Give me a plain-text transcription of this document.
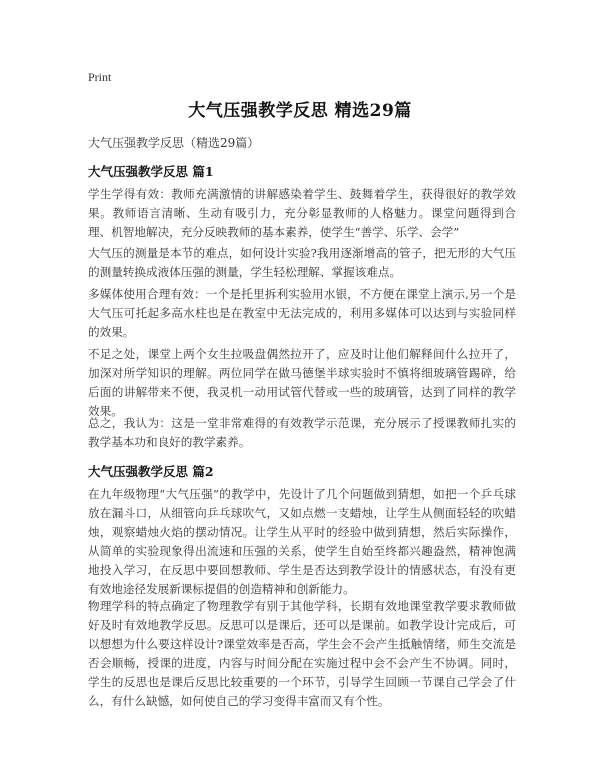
Print
大气压强教学反思 精选29篇
大气压强教学反思（精选29篇）
大气压强教学反思 篇1

学生学得有效：教师充满激情的讲解感染着学生、鼓舞着学生，获得很好的教学效果。教师语言清晰、生动有吸引力，充分彰显教师的人格魅力。课堂问题得到合理、机智地解决，充分反映教师的基本素养，使学生“善学、乐学、会学”

大气压的测量是本节的难点，如何设计实验?我用逐渐增高的管子，把无形的大气压的测量转换成液体压强的测量，学生轻松理解、掌握该难点。

多媒体使用合理有效：一个是托里拆利实验用水银，不方便在课堂上演示,另一个是大气压可托起多高水柱也是在教室中无法完成的，利用多媒体可以达到与实验同样的效果。

不足之处，课堂上两个女生拉吸盘偶然拉开了，应及时让他们解释间什么拉开了，加深对所学知识的理解。两位同学在做马德堡半球实验时不慎将细玻璃管踢碎，给后面的讲解带来不便，我灵机一动用试管代替或一些的玻璃管，达到了同样的教学效果。

总之，我认为：这是一堂非常难得的有效教学示范课，充分展示了授课教师扎实的教学基本功和良好的教学素养。

大气压强教学反思 篇2

在九年级物理“大气压强”的教学中，先设计了几个问题做到猜想，如把一个乒乓球放在漏斗口，从细管向乒乓球吹气，又如点燃一支蜡烛，让学生从侧面轻轻的吹蜡烛，观察蜡烛火焰的摆动情况。让学生从平时的经验中做到猜想，然后实际操作，从简单的实验现象得出流速和压强的关系，使学生自始至终都兴趣盎然，精神饱满地投入学习，在反思中要回想教师、学生是否达到教学设计的情感状态，有没有更有效地途径发展新课标提倡的创造精神和创新能力。

物理学科的特点确定了物理教学有别于其他学科，长期有效地课堂教学要求教师做好及时有效地教学反思。反思可以是课后，还可以是课前。如教学设计完成后，可以想想为什么要这样设计?课堂效率是否高，学生会不会产生抵触情绪，师生交流是否会顺畅，授课的进度，内容与时间分配在实施过程中会不会产生不协调。同时，学生的反思也是课后反思比较重要的一个环节，引导学生回顾一节课自己学会了什么，有什么缺憾，如何使自己的学习变得丰富而又有个性。
